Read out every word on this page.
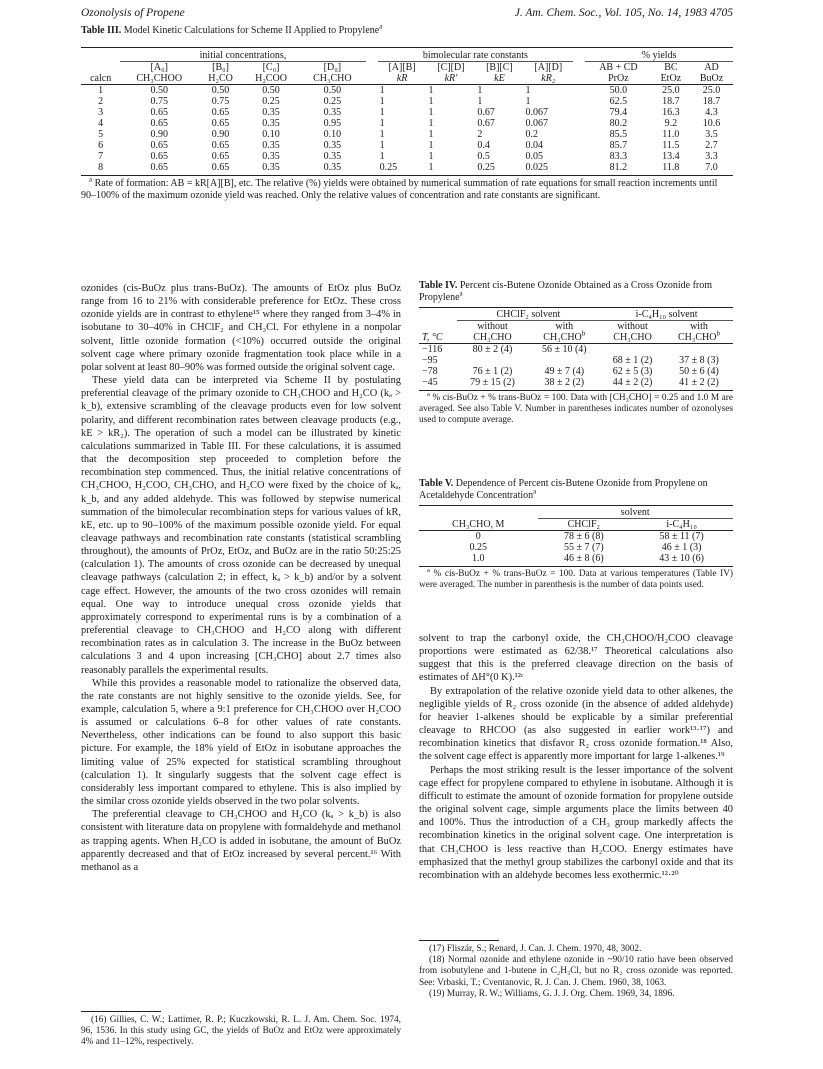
Ozonolysis of Propene	J. Am. Chem. Soc., Vol. 105, No. 14, 1983 4705
Table III. Model Kinetic Calculations for Scheme II Applied to Propylene$^a$
	initial concentrations,					bimolecular rate constants					% yields		
	[A₀]	[B₀]	[C₀]	[D₀]		[A][B]	[C][D]	[B][C]	[A][D]		AB + CD	BC	AD
calcn	CH₃CHOO	H₂CO	H₂COO	CH₃CHO		kR	kR′	kE	kR₂		PrOz	EtOz	BuOz
1	0.50	0.50	0.50	0.50		1	1	1	1		50.0	25.0	25.0
2	0.75	0.75	0.25	0.25		1	1	1	1		62.5	18.7	18.7
3	0.65	0.65	0.35	0.35		1	1	0.67	0.067		79.4	16.3	4.3
4	0.65	0.65	0.35	0.95		1	1	0.67	0.067		80.2	9.2	10.6
5	0.90	0.90	0.10	0.10		1	1	2	0.2		85.5	11.0	3.5
6	0.65	0.65	0.35	0.35		1	1	0.4	0.04		85.7	11.5	2.7
7	0.65	0.65	0.35	0.35		1	1	0.5	0.05		83.3	13.4	3.3
8	0.65	0.65	0.35	0.35		0.25	1	0.25	0.025		81.2	11.8	7.0
$^a$ Rate of formation: AB = kR[A][B], etc. The relative (%) yields were obtained by numerical summation of rate equations for small reaction increments until 90–100% of the maximum ozonide yield was reached. Only the relative values of concentration and rate constants are significant.

ozonides (cis-BuOz plus trans-BuOz). The amounts of EtOz plus BuOz range from 16 to 21% with considerable preference for EtOz. These cross ozonide yields are in contrast to ethylene¹⁵ where they ranged from 3–4% in isobutane to 30–40% in CHClF₂ and CH₃Cl. For ethylene in a nonpolar solvent, little ozonide formation (<10%) occurred outside the original solvent cage where primary ozonide fragmentation took place while in a polar solvent at least 80–90% was formed outside the original solvent cage.

These yield data can be interpreted via Scheme II by postulating preferential cleavage of the primary ozonide to CH₃CHOO and H₂CO (kₐ > k_b), extensive scrambling of the cleavage products even for low solvent polarity, and different recombination rates between cleavage products (e.g., kE > kR₂). The operation of such a model can be illustrated by kinetic calculations summarized in Table III. For these calculations, it is assumed that the decomposition step proceeded to completion before the recombination step commenced. Thus, the initial relative concentrations of CH₃CHOO, H₂COO, CH₃CHO, and H₂CO were fixed by the choice of kₐ, k_b, and any added aldehyde. This was followed by stepwise numerical summation of the bimolecular recombination steps for various values of kR, kE, etc. up to 90–100% of the maximum possible ozonide yield. For equal cleavage pathways and recombination rate constants (statistical scrambling throughout), the amounts of PrOz, EtOz, and BuOz are in the ratio 50:25:25 (calculation 1). The amounts of cross ozonide can be decreased by unequal cleavage pathways (calculation 2; in effect, kₐ > k_b) and/or by a solvent cage effect. However, the amounts of the two cross ozonides will remain equal. One way to introduce unequal cross ozonide yields that approximately correspond to experimental runs is by a combination of a preferential cleavage to CH₃CHOO and H₂CO along with different recombination rates as in calculation 3. The increase in the BuOz between calculations 3 and 4 upon increasing [CH₃CHO] about 2.7 times also reasonably parallels the experimental results.

While this provides a reasonable model to rationalize the observed data, the rate constants are not highly sensitive to the ozonide yields. See, for example, calculation 5, where a 9:1 preference for CH₃CHOO over H₂COO is assumed or calculations 6–8 for other values of rate constants. Nevertheless, other indications can be found to also support this basic picture. For example, the 18% yield of EtOz in isobutane approaches the limiting value of 25% expected for statistical scrambling throughout (calculation 1). It singularly suggests that the solvent cage effect is considerably less important compared to ethylene. This is also implied by the similar cross ozonide yields observed in the two polar solvents.

The preferential cleavage to CH₃CHOO and H₂CO (kₐ > k_b) is also consistent with literature data on propylene with formaldehyde and methanol as trapping agents. When H₂CO is added in isobutane, the amount of BuOz apparently decreased and that of EtOz increased by several percent.¹⁶ With methanol as a

(16) Gillies, C. W.; Lattimer, R. P.; Kuczkowski, R. L. J. Am. Chem. Soc. 1974, 96, 1536. In this study using GC, the yields of BuOz and EtOz were approximately 4% and 11–12%, respectively.
Table IV. Percent cis-Butene Ozonide Obtained as a Cross Ozonide from Propylene$^a$
	CHClF₂ solvent		i-C₄H₁₀ solvent	
	without	with	without	with
T, °C	CH₃CHO	CH₃CHO$^b$	CH₃CHO	$CH_3CHO^b$
−116	80 ± 2 (4)	56 ± 10 (4)		
−95			68 ± 1 (2)	37 ± 8 (3)
−78	76 ± 1 (2)	49 ± 7 (4)	62 ± 5 (3)	50 ± 6 (4)
−45	79 ± 15 (2)	38 ± 2 (2)	44 ± 2 (2)	41 ± 2 (2)
$^a$ % cis-BuOz + % trans-BuOz = 100. Data with [CH₃CHO] = 0.25 and 1.0 M are averaged. See also Table V. Number in parentheses indicates number of ozonolyses used to compute average.
Table V. Dependence of Percent cis-Butene Ozonide from Propylene on Acetaldehyde Concentration$^a$
	solvent	
CH₃CHO, M	CHClF₂	i-C₄H₁₀
0	78 ± 6 (8)	58 ± 11 (7)
0.25	55 ± 7 (7)	46 ± 1 (3)
1.0	46 ± 8 (6)	43 ± 10 (6)
$^a$ % cis-BuOz + % trans-BuOz = 100. Data at various temperatures (Table IV) were averaged. The number in parenthesis is the number of data points used.

solvent to trap the carbonyl oxide, the CH₃CHOO/H₂COO cleavage proportions were estimated as 62/38.¹⁷ Theoretical calculations also suggest that this is the preferred cleavage direction on the basis of estimates of ΔH°(0 K).¹²ᶜ

By extrapolation of the relative ozonide yield data to other alkenes, the negligible yields of R₂ cross ozonide (in the absence of added aldehyde) for heavier 1-alkenes should be explicable by a similar preferential cleavage to RHCOO (as also suggested in earlier work¹³·¹⁷) and recombination kinetics that disfavor R₂ cross ozonide formation.¹⁸ Also, the solvent cage effect is apparently more important for large 1-alkenes.¹⁹

Perhaps the most striking result is the lesser importance of the solvent cage effect for propylene compared to ethylene in isobutane. Although it is difficult to estimate the amount of ozonide formation for propylene outside the original solvent cage, simple arguments place the limits between 40 and 100%. Thus the introduction of a CH₃ group markedly affects the recombination kinetics in the original solvent cage. One interpretation is that CH₃CHOO is less reactive than H₂COO. Energy estimates have emphasized that the methyl group stabilizes the carbonyl oxide and that its recombination with an aldehyde becomes less exothermic.¹²·²⁰

(17) Fliszár, S.; Renard, J. Can. J. Chem. 1970, 48, 3002.
(18) Normal ozonide and ethylene ozonide in ~90/10 ratio have been observed from isobutylene and 1-butene in C₂H₃Cl, but no R₂ cross ozonide was reported. See: Vrbaski, T.; Cventanovic, R. J. Can. J. Chem. 1960, 38, 1063.
(19) Murray, R. W.; Williams, G. J. J. Org. Chem. 1969, 34, 1896.
